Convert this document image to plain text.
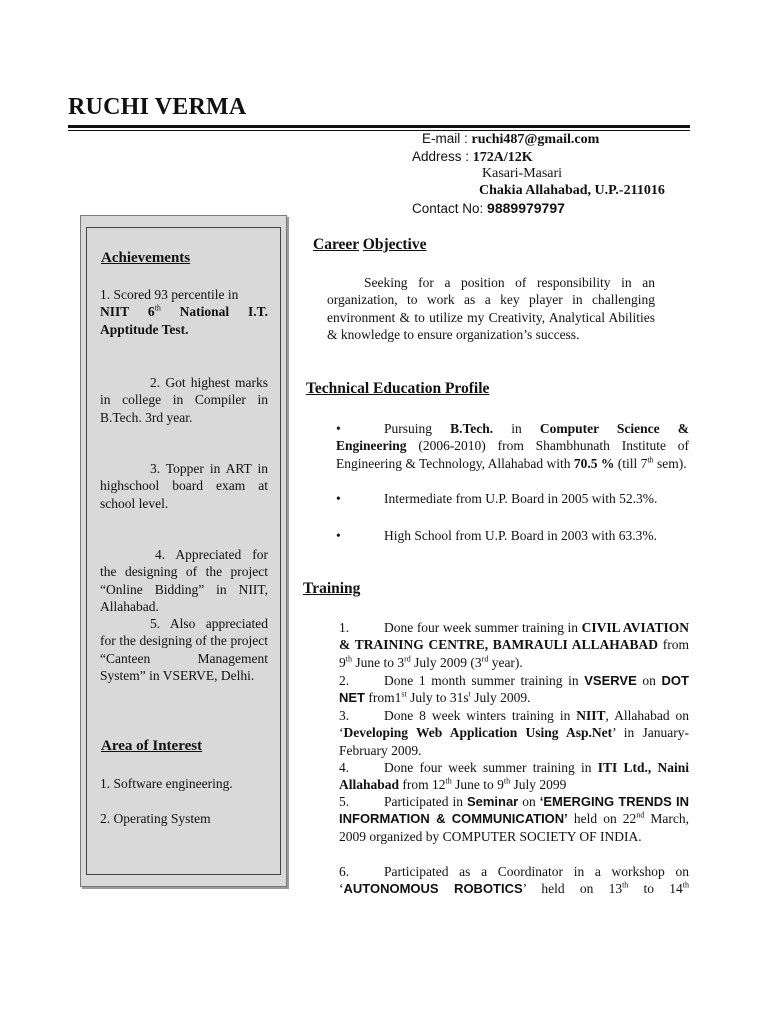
RUCHI VERMA
E-mail : ruchi487@gmail.com
Address : 172A/12K
Kasari-Masari
Chakia Allahabad, U.P.-211016
Contact No: 9889979797
Achievements
1. Scored 93 percentile in
NIIT 6th National I.T. Apptitude Test.
2. Got highest marks in college in Compiler in B.Tech. 3rd year.
3. Topper in ART in highschool board exam at school level.
4. Appreciated for the designing of the project “Online Bidding” in NIIT, Allahabad.
5. Also appreciated for the designing of the project “Canteen Management System” in VSERVE, Delhi.
Area of Interest
1. Software engineering.
2. Operating System
Career Objective
Seeking for a position of responsibility in an organization, to work as a key player in challenging environment & to utilize my Creativity, Analytical Abilities & knowledge to ensure organization’s success.
Technical Education Profile
•	Pursuing B.Tech. in Computer Science & Engineering (2006-2010) from Shambhunath Institute of Engineering & Technology, Allahabad with 70.5 % (till 7th sem).
•	Intermediate from U.P. Board in 2005 with 52.3%.
•	High School from U.P. Board in 2003 with 63.3%.
Training
1.	Done four week summer training in CIVIL AVIATION & TRAINING CENTRE, BAMRAULI ALLAHABAD from 9th June to 3rd July 2009 (3rd year).
2.	Done 1 month summer training in VSERVE on DOT NET from1st July to $31s^t$ July 2009.
3.	Done 8 week winters training in NIIT, Allahabad on ‘Developing Web Application Using Asp.Net’ in January-February 2009.
4.	Done four week summer training in ITI Ltd., Naini Allahabad from 12th June to 9th July 2099
5.	Participated in Seminar on ‘EMERGING TRENDS IN INFORMATION & COMMUNICATION’ held on 22nd March, 2009 organized by COMPUTER SOCIETY OF INDIA.
6.	Participated as a Coordinator in a workshop on ‘AUTONOMOUS ROBOTICS’ held on 13th to 14th
